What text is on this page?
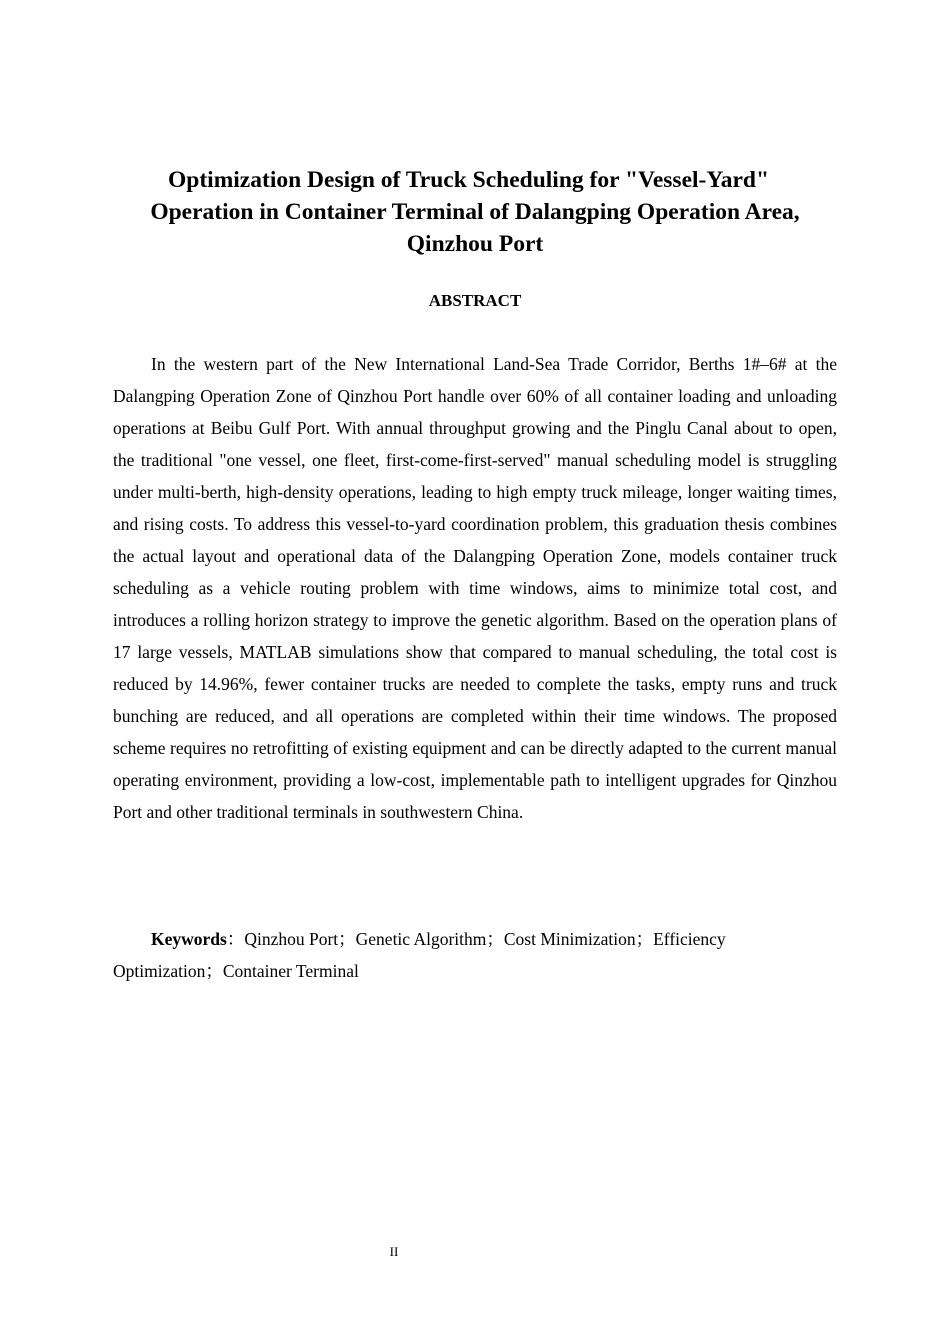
Optimization Design of Truck Scheduling for "Vessel-Yard"
Operation in Container Terminal of Dalangping Operation Area,
Qinzhou Port
ABSTRACT

In the western part of the New International Land-Sea Trade Corridor, Berths 1#–6# at the Dalangping Operation Zone of Qinzhou Port handle over 60% of all container loading and unloading operations at Beibu Gulf Port. With annual throughput growing and the Pinglu Canal about to open, the traditional "one vessel, one fleet, first-come-first-served" manual scheduling model is struggling under multi-berth, high-density operations, leading to high empty truck mileage, longer waiting times, and rising costs. To address this vessel-to-yard coordination problem, this graduation thesis combines the actual layout and operational data of the Dalangping Operation Zone, models container truck scheduling as a vehicle routing problem with time windows, aims to minimize total cost, and introduces a rolling horizon strategy to improve the genetic algorithm. Based on the operation plans of 17 large vessels, MATLAB simulations show that compared to manual scheduling, the total cost is reduced by 14.96%, fewer container trucks are needed to complete the tasks, empty runs and truck bunching are reduced, and all operations are completed within their time windows. The proposed scheme requires no retrofitting of existing equipment and can be directly adapted to the current manual operating environment, providing a low-cost, implementable path to intelligent upgrades for Qinzhou Port and other traditional terminals in southwestern China.

Keywords：Qinzhou Port；Genetic Algorithm；Cost Minimization；Efficiency Optimization；Container Terminal

II
